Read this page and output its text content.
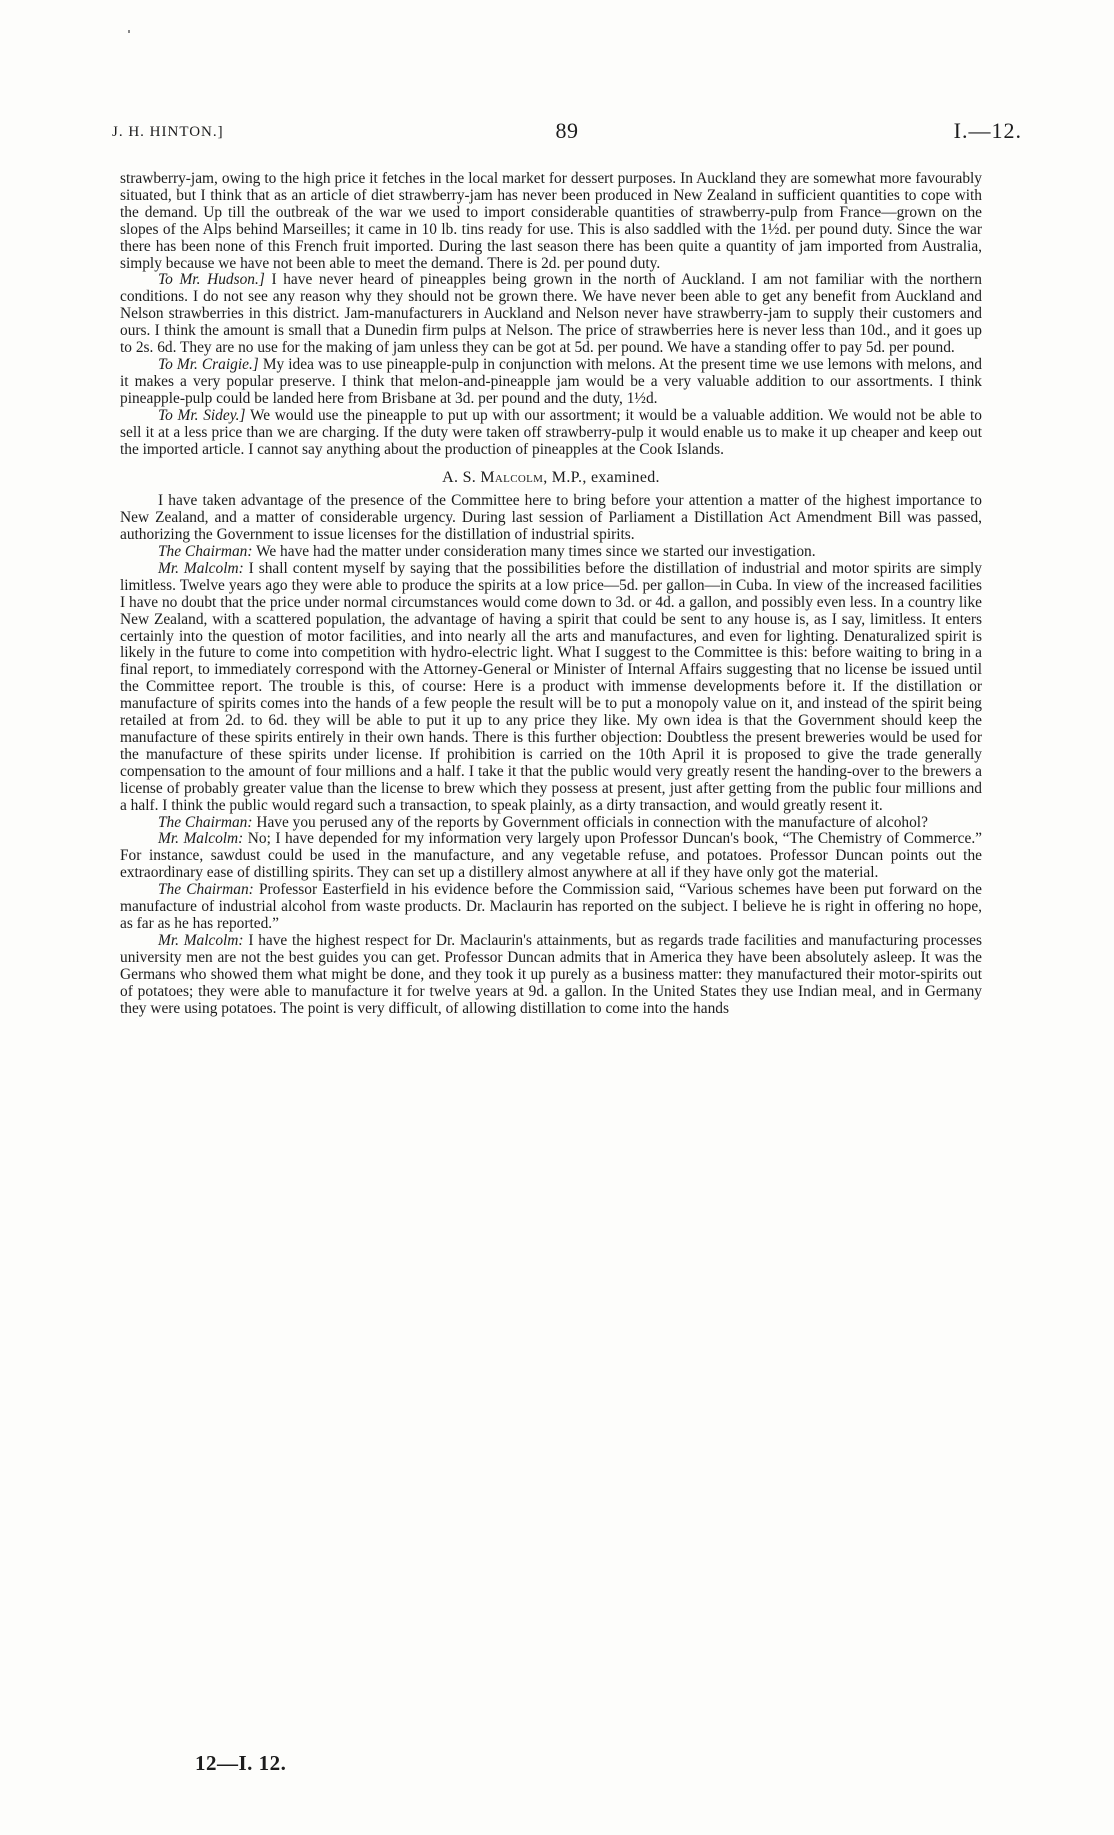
J. H. HINTON.]	89	I.—12.

strawberry-jam, owing to the high price it fetches in the local market for dessert purposes. In Auckland they are somewhat more favourably situated, but I think that as an article of diet strawberry-jam has never been produced in New Zealand in sufficient quantities to cope with the demand. Up till the outbreak of the war we used to import considerable quantities of strawberry-pulp from France—grown on the slopes of the Alps behind Marseilles; it came in 10 lb. tins ready for use. This is also saddled with the 1½d. per pound duty. Since the war there has been none of this French fruit imported. During the last season there has been quite a quantity of jam imported from Australia, simply because we have not been able to meet the demand. There is 2d. per pound duty.

To Mr. Hudson.] I have never heard of pineapples being grown in the north of Auckland. I am not familiar with the northern conditions. I do not see any reason why they should not be grown there. We have never been able to get any benefit from Auckland and Nelson strawberries in this district. Jam-manufacturers in Auckland and Nelson never have strawberry-jam to supply their customers and ours. I think the amount is small that a Dunedin firm pulps at Nelson. The price of strawberries here is never less than 10d., and it goes up to 2s. 6d. They are no use for the making of jam unless they can be got at 5d. per pound. We have a standing offer to pay 5d. per pound.

To Mr. Craigie.] My idea was to use pineapple-pulp in conjunction with melons. At the present time we use lemons with melons, and it makes a very popular preserve. I think that melon-and-pineapple jam would be a very valuable addition to our assortments. I think pineapple-pulp could be landed here from Brisbane at 3d. per pound and the duty, 1½d.

To Mr. Sidey.] We would use the pineapple to put up with our assortment; it would be a valuable addition. We would not be able to sell it at a less price than we are charging. If the duty were taken off strawberry-pulp it would enable us to make it up cheaper and keep out the imported article. I cannot say anything about the production of pineapples at the Cook Islands.

A. S. Malcolm, M.P., examined.

I have taken advantage of the presence of the Committee here to bring before your attention a matter of the highest importance to New Zealand, and a matter of considerable urgency. During last session of Parliament a Distillation Act Amendment Bill was passed, authorizing the Government to issue licenses for the distillation of industrial spirits.

The Chairman: We have had the matter under consideration many times since we started our investigation.

Mr. Malcolm: I shall content myself by saying that the possibilities before the distillation of industrial and motor spirits are simply limitless. Twelve years ago they were able to produce the spirits at a low price—5d. per gallon—in Cuba. In view of the increased facilities I have no doubt that the price under normal circumstances would come down to 3d. or 4d. a gallon, and possibly even less. In a country like New Zealand, with a scattered population, the advantage of having a spirit that could be sent to any house is, as I say, limitless. It enters certainly into the question of motor facilities, and into nearly all the arts and manufactures, and even for lighting. Denaturalized spirit is likely in the future to come into competition with hydro-electric light. What I suggest to the Committee is this: before waiting to bring in a final report, to immediately correspond with the Attorney-General or Minister of Internal Affairs suggesting that no license be issued until the Committee report. The trouble is this, of course: Here is a product with immense developments before it. If the distillation or manufacture of spirits comes into the hands of a few people the result will be to put a monopoly value on it, and instead of the spirit being retailed at from 2d. to 6d. they will be able to put it up to any price they like. My own idea is that the Government should keep the manufacture of these spirits entirely in their own hands. There is this further objection: Doubtless the present breweries would be used for the manufacture of these spirits under license. If prohibition is carried on the 10th April it is proposed to give the trade generally compensation to the amount of four millions and a half. I take it that the public would very greatly resent the handing-over to the brewers a license of probably greater value than the license to brew which they possess at present, just after getting from the public four millions and a half. I think the public would regard such a transaction, to speak plainly, as a dirty transaction, and would greatly resent it.

The Chairman: Have you perused any of the reports by Government officials in connection with the manufacture of alcohol?

Mr. Malcolm: No; I have depended for my information very largely upon Professor Duncan's book, “The Chemistry of Commerce.” For instance, sawdust could be used in the manufacture, and any vegetable refuse, and potatoes. Professor Duncan points out the extraordinary ease of distilling spirits. They can set up a distillery almost anywhere at all if they have only got the material.

The Chairman: Professor Easterfield in his evidence before the Commission said, “Various schemes have been put forward on the manufacture of industrial alcohol from waste products. Dr. Maclaurin has reported on the subject. I believe he is right in offering no hope, as far as he has reported.”

Mr. Malcolm: I have the highest respect for Dr. Maclaurin's attainments, but as regards trade facilities and manufacturing processes university men are not the best guides you can get. Professor Duncan admits that in America they have been absolutely asleep. It was the Germans who showed them what might be done, and they took it up purely as a business matter: they manufactured their motor-spirits out of potatoes; they were able to manufacture it for twelve years at 9d. a gallon. In the United States they use Indian meal, and in Germany they were using potatoes. The point is very difficult, of allowing distillation to come into the hands

12—I. 12.
